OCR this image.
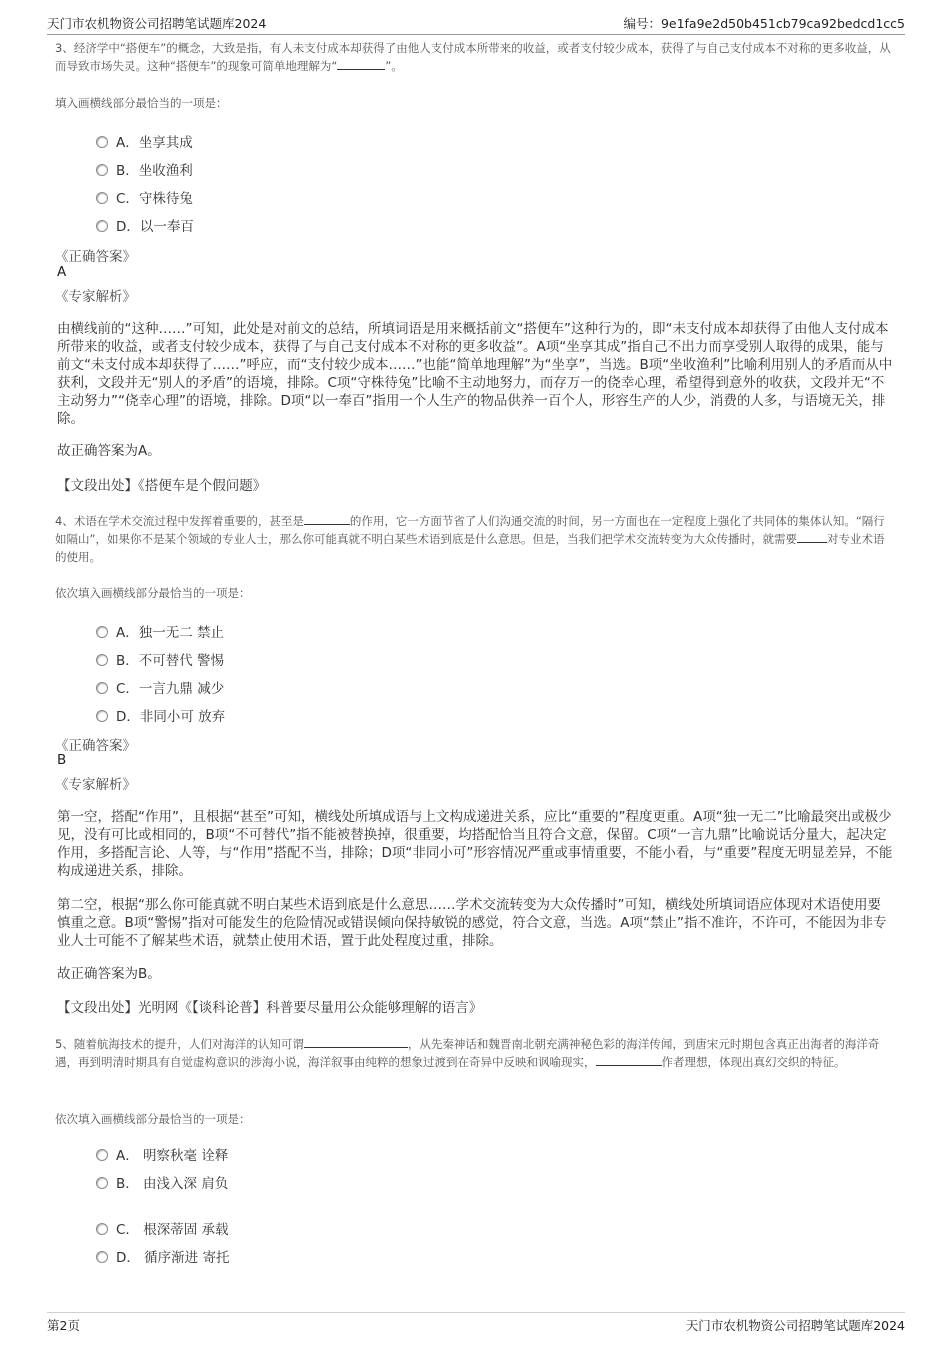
天门市农机物资公司招聘笔试题库2024	编号：9e1fa9e2d50b451cb79ca92bedcd1cc5
3、经济学中“搭便车”的概念，大致是指，有人未支付成本却获得了由他人支付成本所带来的收益，或者支付较少成本，获得了与自己支付成本不对称的更多收益，从而导致市场失灵。这种“搭便车”的现象可简单地理解为“	”。
填入画横线部分最恰当的一项是：
A．坐享其成
B．坐收渔利
C．守株待兔
D．以一奉百
《正确答案》
A
《专家解析》
由横线前的“这种……”可知，此处是对前文的总结，所填词语是用来概括前文“搭便车”这种行为的，即“未支付成本却获得了由他人支付成本所带来的收益，或者支付较少成本，获得了与自己支付成本不对称的更多收益”。A项“坐享其成”指自己不出力而享受别人取得的成果，能与前文“未支付成本却获得了……”呼应，而“支付较少成本……”也能“简单地理解”为“坐享”，当选。B项“坐收渔利”比喻利用别人的矛盾而从中获利，文段并无“别人的矛盾”的语境，排除。C项“守株待兔”比喻不主动地努力，而存万一的侥幸心理，希望得到意外的收获，文段并无“不主动努力”“侥幸心理”的语境，排除。D项“以一奉百”指用一个人生产的物品供养一百个人，形容生产的人少，消费的人多，与语境无关，排除。
故正确答案为A。
【文段出处】《搭便车是个假问题》
4、术语在学术交流过程中发挥着重要的，甚至是	的作用，它一方面节省了人们沟通交流的时间，另一方面也在一定程度上强化了共同体的集体认知。“隔行如隔山”，如果你不是某个领域的专业人士，那么你可能真就不明白某些术语到底是什么意思。但是，当我们把学术交流转变为大众传播时，就需要	对专业术语的使用。
依次填入画横线部分最恰当的一项是：
A．独一无二 禁止
B．不可替代 警惕
C．一言九鼎 减少
D．非同小可 放弃
《正确答案》
B
《专家解析》
第一空，搭配“作用”，且根据“甚至”可知，横线处所填成语与上文构成递进关系，应比“重要的”程度更重。A项“独一无二”比喻最突出或极少见，没有可比或相同的，B项“不可替代”指不能被替换掉，很重要，均搭配恰当且符合文意，保留。C项“一言九鼎”比喻说话分量大，起决定作用，多搭配言论、人等，与“作用”搭配不当，排除；D项“非同小可”形容情况严重或事情重要，不能小看，与“重要”程度无明显差异，不能构成递进关系，排除。
第二空，根据“那么你可能真就不明白某些术语到底是什么意思……学术交流转变为大众传播时”可知，横线处所填词语应体现对术语使用要慎重之意。B项“警惕”指对可能发生的危险情况或错误倾向保持敏锐的感觉，符合文意，当选。A项“禁止”指不准许，不许可，不能因为非专业人士可能不了解某些术语，就禁止使用术语，置于此处程度过重，排除。
故正确答案为B。
【文段出处】光明网《【谈科论普】科普要尽量用公众能够理解的语言》
5、随着航海技术的提升，人们对海洋的认知可谓	，从先秦神话和魏晋南北朝充满神秘色彩的海洋传闻，到唐宋元时期包含真正出海者的海洋奇遇，再到明清时期具有自觉虚构意识的涉海小说，海洋叙事由纯粹的想象过渡到在奇异中反映和讽喻现实，	作者理想，体现出真幻交织的特征。
依次填入画横线部分最恰当的一项是：
A． 明察秋毫 诠释
B． 由浅入深 肩负
C． 根深蒂固 承载
D． 循序渐进 寄托
第2页	天门市农机物资公司招聘笔试题库2024
